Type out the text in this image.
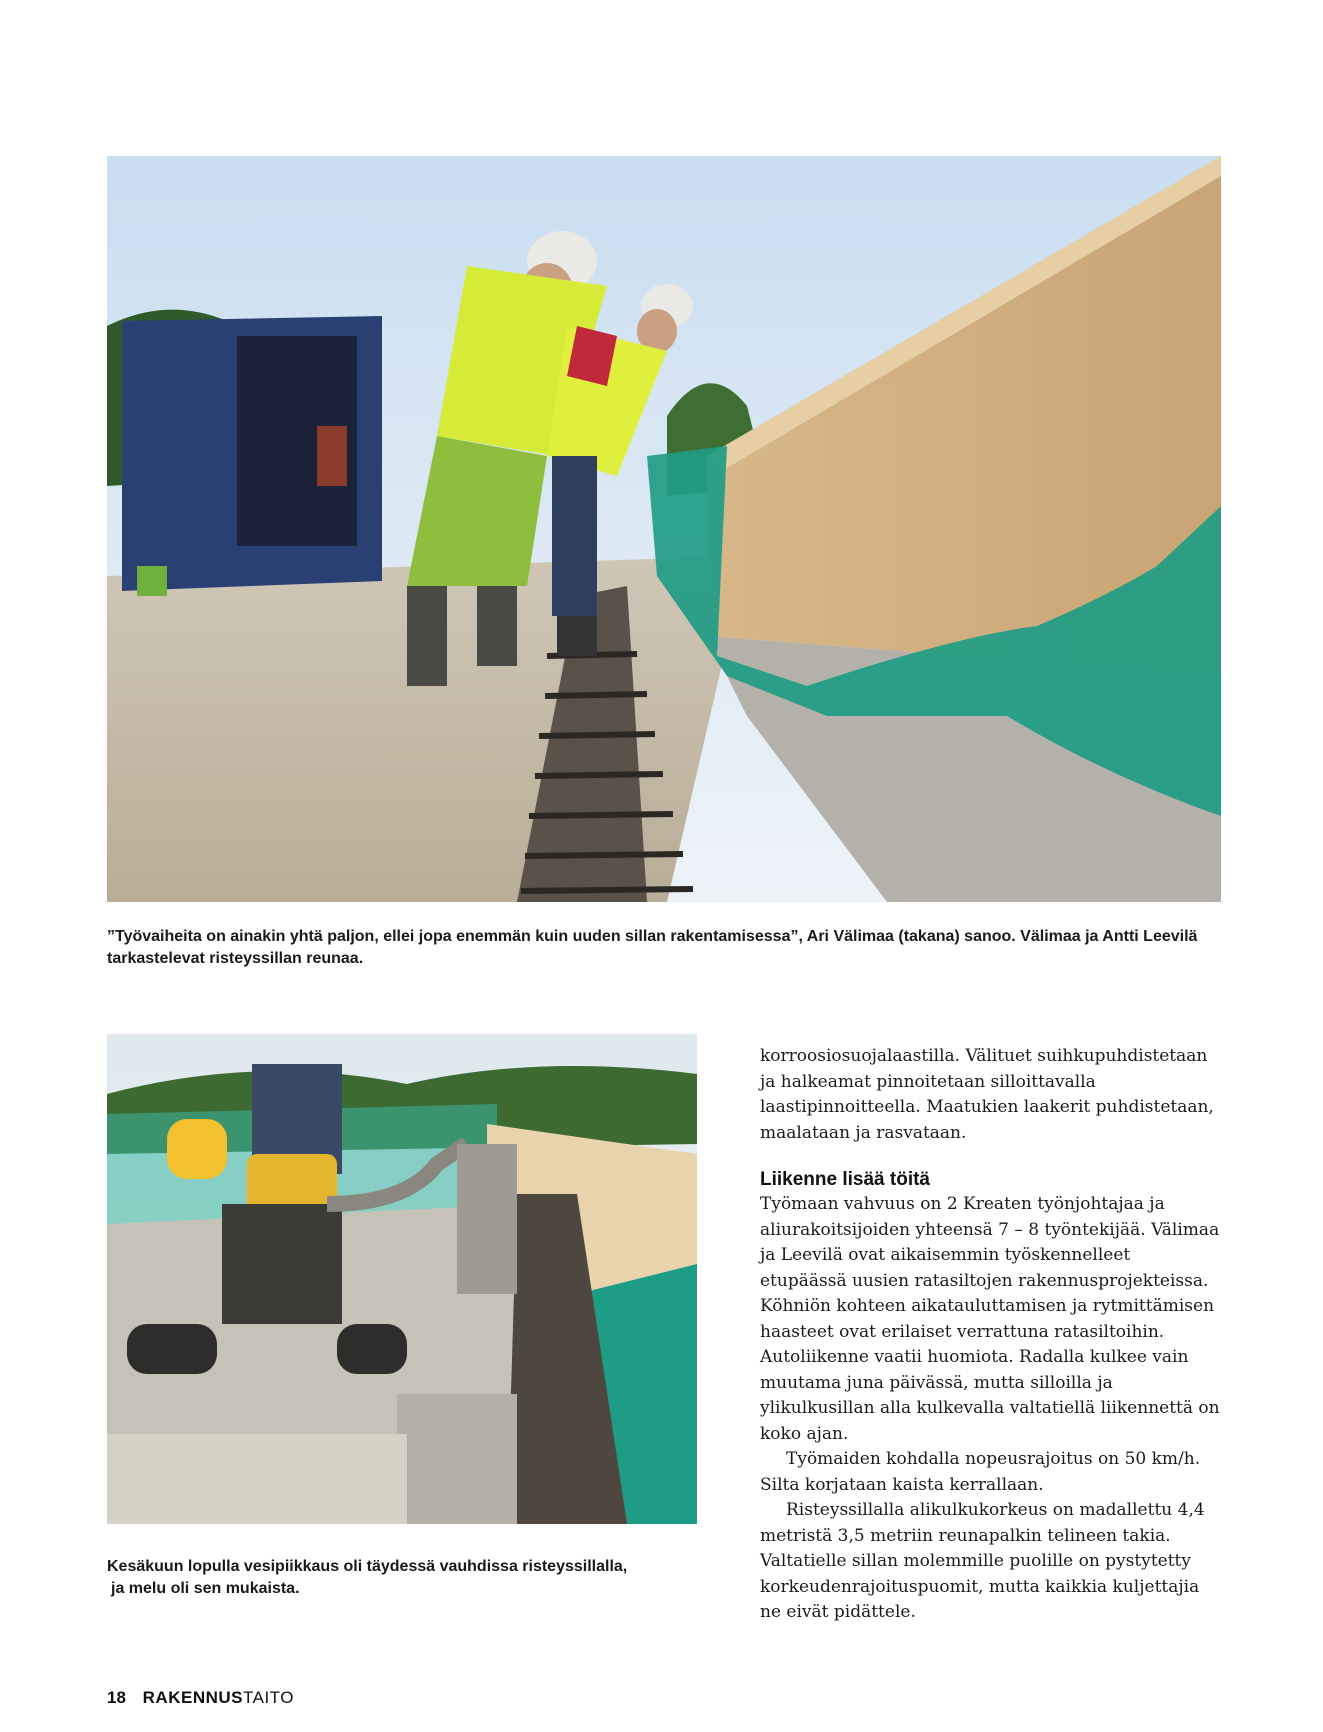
”Työvaiheita on ainakin yhtä paljon, ellei jopa enemmän kuin uuden sillan rakentamisessa”, Ari Välimaa (takana) sanoo. Välimaa ja Antti Leevilä tarkastelevat risteyssillan reunaa.
Kesäkuun lopulla vesipiikkaus oli täydessä vauhdissa risteyssillalla,
ja melu oli sen mukaista.

korroosiosuojalaastilla. Välituet suihkupuhdistetaan ja halkeamat pinnoitetaan silloittavalla laastipinnoitteella. Maatukien laakerit puhdistetaan, maalataan ja rasvataan.

Liikenne lisää töitä

Työmaan vahvuus on 2 Kreaten työnjohtajaa ja aliurakoitsijoiden yhteensä 7 – 8 työntekijää. Välimaa ja Leevilä ovat aikaisemmin työskennelleet etupäässä uusien ratasiltojen rakennusprojekteissa. Köhniön kohteen aikatauluttamisen ja rytmittämisen haasteet ovat erilaiset verrattuna ratasiltoihin. Autoliikenne vaatii huomiota. Radalla kulkee vain muutama juna päivässä, mutta silloilla ja ylikulkusillan alla kulkevalla valtatiellä liikennettä on koko ajan.

Työmaiden kohdalla nopeusrajoitus on 50 km/h. Silta korjataan kaista kerrallaan.

Risteyssillalla alikulkukorkeus on madallettu 4,4 metristä 3,5 metriin reunapalkin telineen takia. Valtatielle sillan molemmille puolille on pystytetty korkeudenrajoituspuomit, mutta kaikkia kuljettajia ne eivät pidättele.

18 RAKENNUSTAITO
